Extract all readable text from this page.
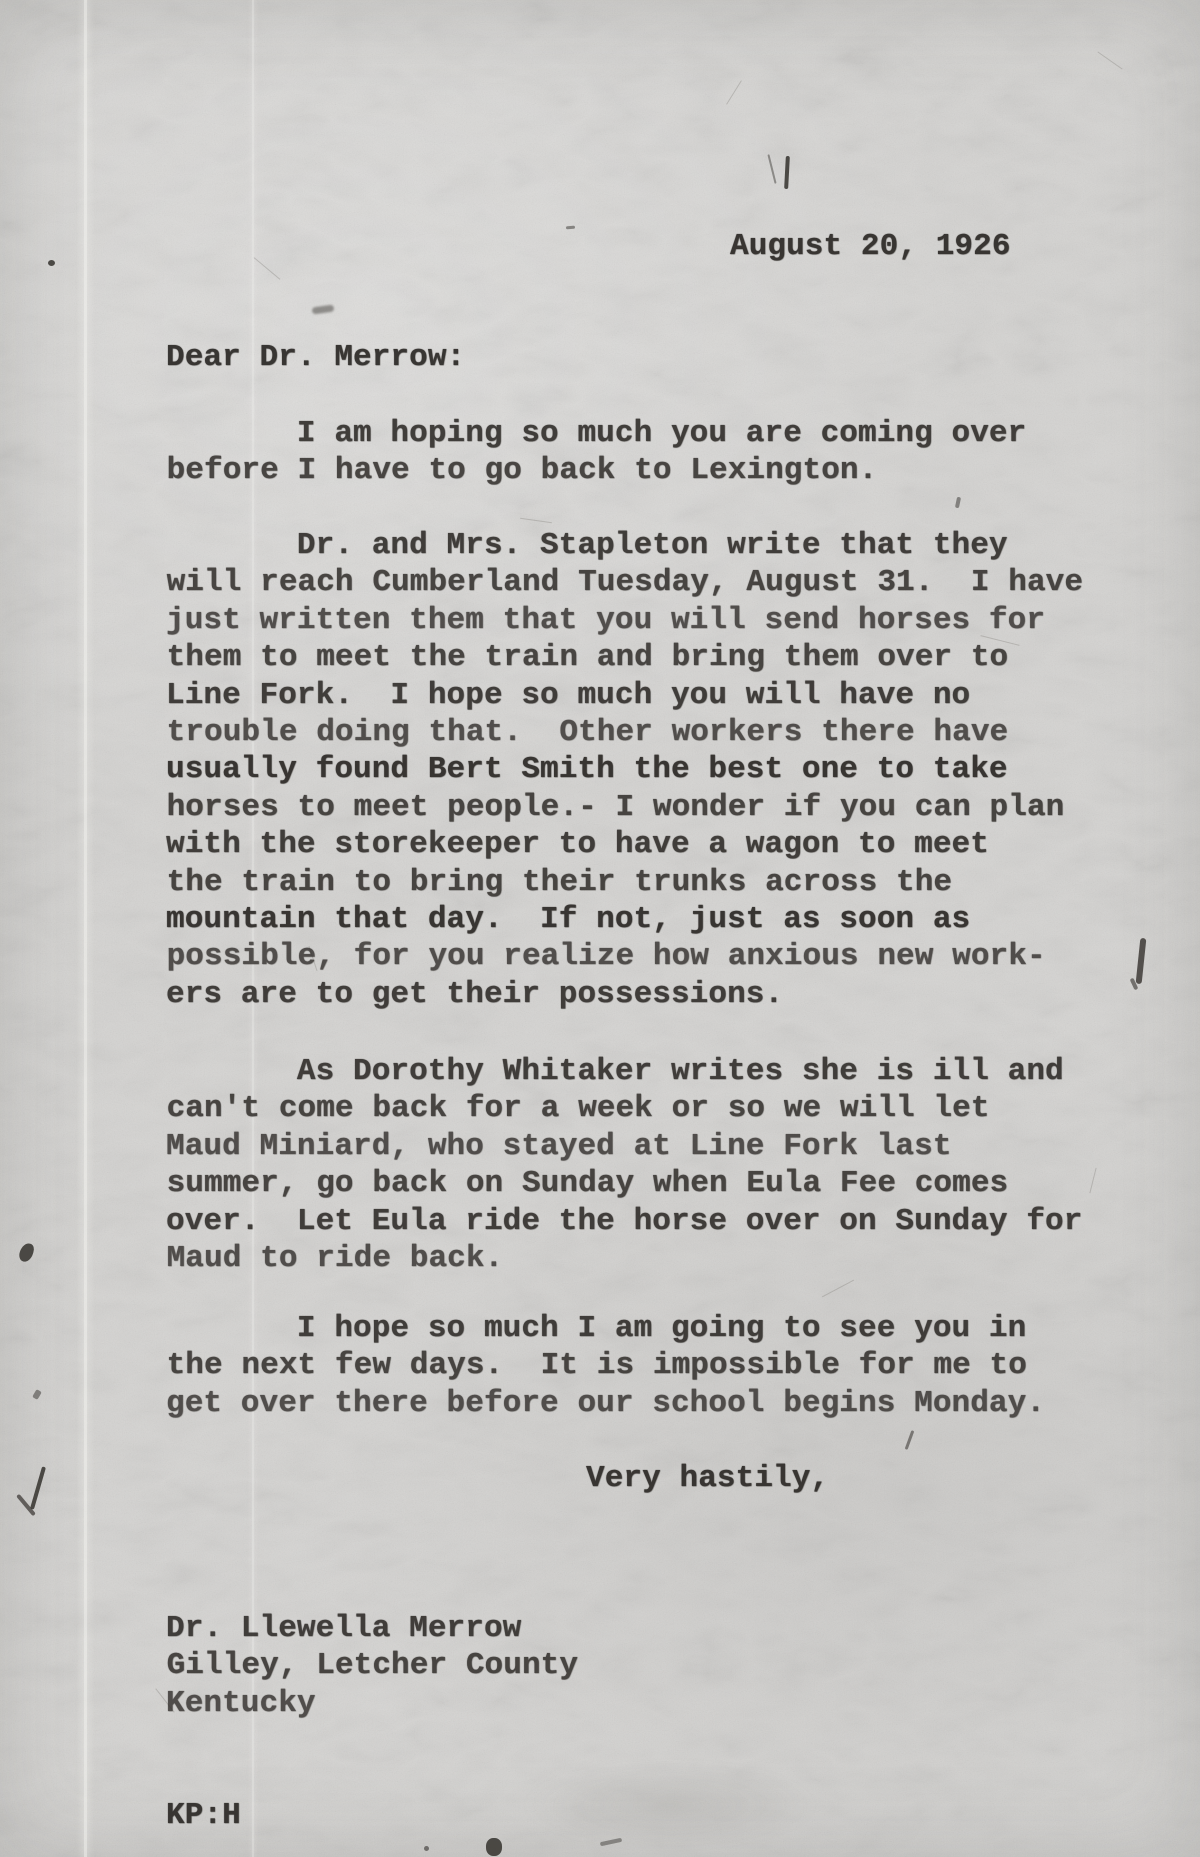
August 20, 1926
Dear Dr. Merrow:
I am hoping so much you are coming over
before I have to go back to Lexington.
Dr. and Mrs. Stapleton write that they
will reach Cumberland Tuesday, August 31.  I have
just written them that you will send horses for
them to meet the train and bring them over to
Line Fork.  I hope so much you will have no
trouble doing that.  Other workers there have
usually found Bert Smith the best one to take
horses to meet people.- I wonder if you can plan
with the storekeeper to have a wagon to meet
the train to bring their trunks across the
mountain that day.  If not, just as soon as
possible, for you realize how anxious new work-
ers are to get their possessions.
As Dorothy Whitaker writes she is ill and
can't come back for a week or so we will let
Maud Miniard, who stayed at Line Fork last
summer, go back on Sunday when Eula Fee comes
over.  Let Eula ride the horse over on Sunday for
Maud to ride back.
I hope so much I am going to see you in
the next few days.  It is impossible for me to
get over there before our school begins Monday.
Very hastily,

Dr. Llewella Merrow
Gilley, Letcher County
Kentucky

KP:H
